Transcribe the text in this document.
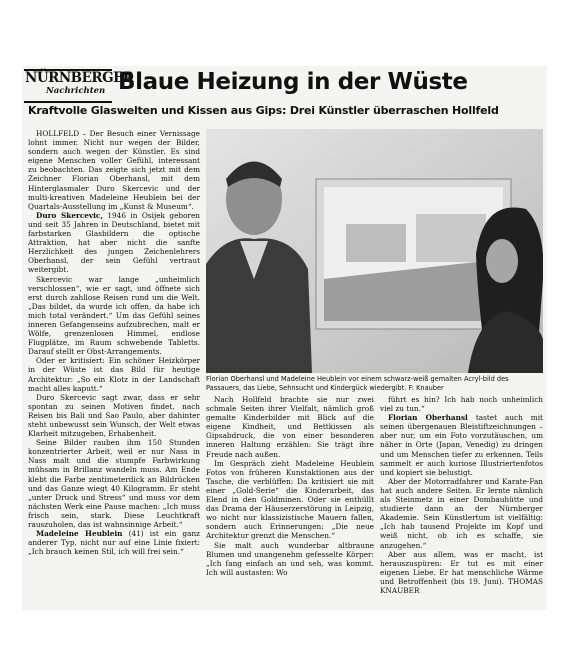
NÜRNBERGER
Nachrichten Blaue Heizung in der Wüste
Kraftvolle Glaswelten und Kissen aus Gips: Drei Künstler überraschen Hollfeld

HOLLFELD – Der Besuch einer Vernissage lohnt immer. Nicht nur wegen der Bilder, sondern auch wegen der Künstler. Es sind eigene Menschen voller Gefühl, interessant zu beobachten. Das zeigte sich jetzt mit dem Zeichner Florian Oberhansl, mit dem Hinterglasmaler Duro Skercevic und der multi-kreativen Madeleine Heublein bei der Quartals-Ausstellung im „Kunst & Museum“.

Duro Skercevic, 1946 in Osijek geboren und seit 35 Jahren in Deutschland, bietet mit farbstarken Glasbildern die optische Attraktion, hat aber nicht die sanfte Herzlichkeit des jungen Zeichenlehrers Oberhansl, der sein Gefühl vertraut weitergibt.

Skercevic war lange „unheimlich verschlossen“, wie er sagt, und öffnete sich erst durch zahllose Reisen rund um die Welt. „Das bildet, da wurde ich offen, da habe ich mich total verändert.“ Um das Gefühl seines inneren Gefangenseins aufzubrechen, malt er Wölfe, grenzenlosen Himmel, endlose Flugplätze, im Raum schwebende Tabletts. Darauf stellt er Obst-Arrangements.

Oder er kritisiert: Ein schöner Heizkörper in der Wüste ist das Bild für heutige Architektur: „So ein Klotz in der Landschaft macht alles kaputt.“

Duro Skercevic sagt zwar, dass er sehr spontan zu seinen Motiven findet, nach Reisen bis Bali und Sao Paulo, aber dahinter steht unbewusst sein Wunsch, der Welt etwas Klarheit mitzugeben, Erhabenheit.

Seine Bilder rauben ihm 150 Stunden konzentrierter Arbeit, weil er nur Nass in Nass malt und die stumpfe Farbwirkung mühsam in Brillanz wandeln muss. Am Ende klebt die Farbe zentimeterdick an Bildrücken und das Ganze wiegt 40 Kilogramm. Er steht „unter Druck und Stress“ und muss vor dem nächsten Werk eine Pause machen: „Ich muss frisch sein, stark. Diese Leuchtkraft rauszuholen, das ist wahnsinnige Arbeit.“

Madeleine Heublein (41) ist ein ganz anderer Typ, nicht nur auf eine Linie fixiert: „Ich brauch keinen Stil, ich will frei sein.“

Florian Oberhansl und Madeleine Heublein vor einem schwarz-weiß gemalten Acryl-bild des Passauers, das Liebe, Sehnsucht und Kindergück wiedergibt. F: Knauber

Nach Hollfeld brachte sie nur zwei schmale Seiten ihrer Vielfalt, nämlich groß gemalte Kinderbilder mit Blick auf die eigene Kindheit, und Bettkissen als Gipsabdruck, die von einer besonderen inneren Haltung erzählen: Sie trägt ihre Freude nach außen.

Im Gespräch zieht Madeleine Heublein Fotos von früheren Kunstaktionen aus der Tasche, die verblüffen: Da kritisiert sie mit einer „Gold-Serie“ die Kinderarbeit, das Elend in den Goldminen. Oder sie enthüllt das Drama der Häuserzerstörung in Leipzig, wo nicht nur klassizistische Mauern fallen, sondern auch Erinnerungen: „Die neue Architektur grenzt die Menschen.“

Sie malt auch wunderbar altbraune Blumen und unangenehm gefesselte Körper: „Ich fang einfach an und seh, was kommt. Ich will austasten: Wo

führt es hin? Ich hab noch unheimlich viel zu tun.“

Florian Oberhansl tastet auch mit seinen übergenauen Bleistiftzeichnungen – aber nur, um ein Foto vorzutäuschen, um näher in Orte (Japan, Venedig) zu dringen und um Menschen tiefer zu erkennen. Teils sammelt er auch kuriose Illustriertenfotos und kopiert sie belustigt.

Aber der Motorradfahrer und Karate-Fan hat auch andere Seiten. Er lernte nämlich als Steinmetz in einer Dombauhütte und studierte dann an der Nürnberger Akademie. Sein Künstlertum ist vielfältig: „Ich hab tausend Projekte im Kopf und weiß nicht, ob ich es schaffe, sie anzugehen.“

Aber aus allem, was er macht, ist herauszuspüren: Er tut es mit einer eigenen Liebe. Er hat menschliche Wärme und Betroffenheit (bis 19. Juni). THOMAS KNAUBER
